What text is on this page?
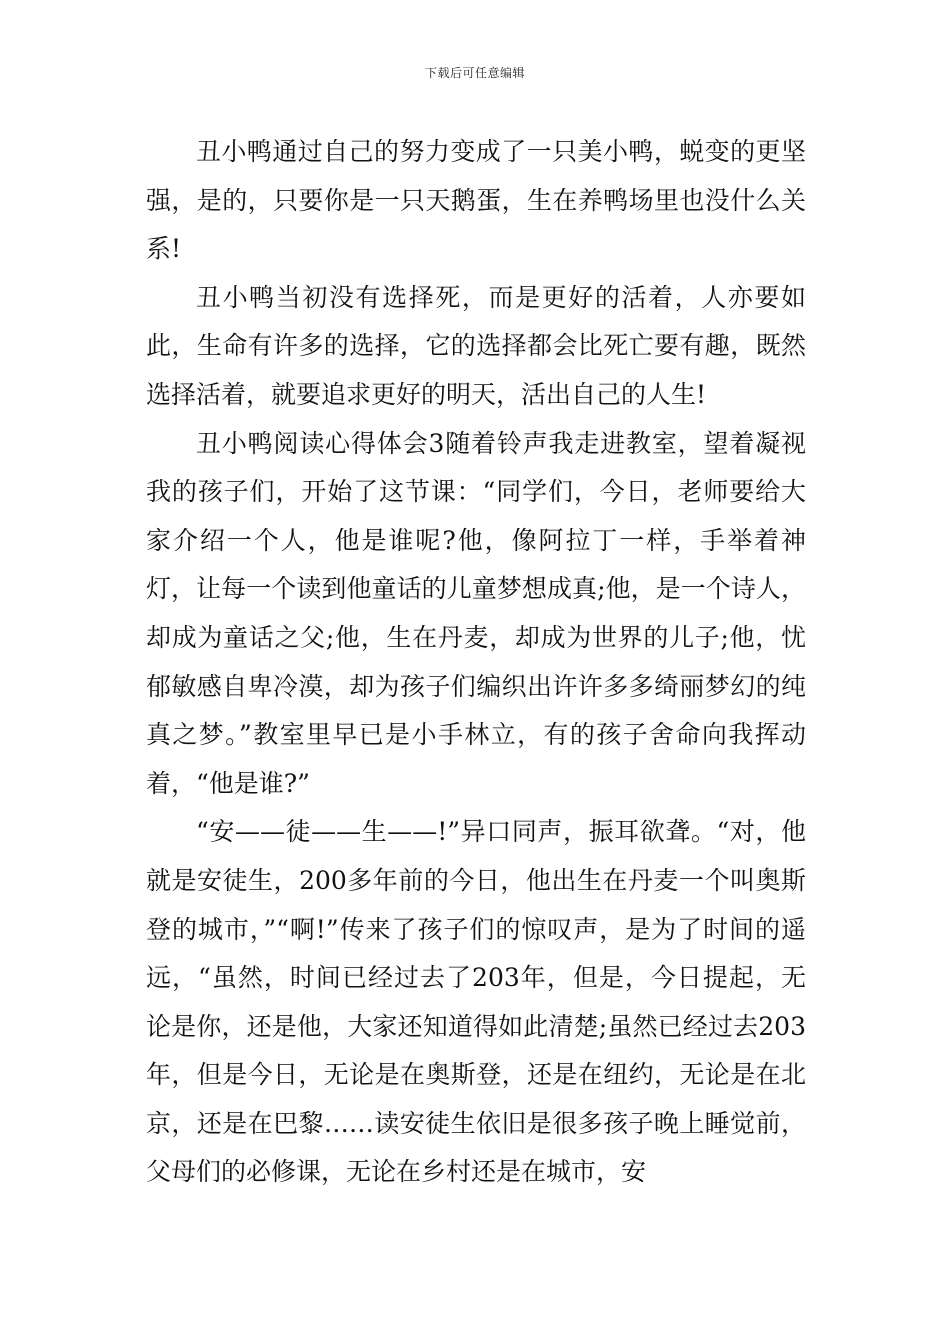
下载后可任意编辑

丑小鸭通过自己的努力变成了一只美小鸭，蜕变的更坚强，是的，只要你是一只天鹅蛋，生在养鸭场里也没什么关系!

丑小鸭当初没有选择死，而是更好的活着，人亦要如此，生命有许多的选择，它的选择都会比死亡要有趣，既然选择活着，就要追求更好的明天，活出自己的人生!

丑小鸭阅读心得体会3随着铃声我走进教室，望着凝视我的孩子们，开始了这节课：“同学们，今日，老师要给大家介绍一个人，他是谁呢?他，像阿拉丁一样，手举着神灯，让每一个读到他童话的儿童梦想成真;他，是一个诗人，却成为童话之父;他，生在丹麦，却成为世界的儿子;他，忧郁敏感自卑冷漠，却为孩子们编织出许许多多绮丽梦幻的纯真之梦。”教室里早已是小手林立，有的孩子舍命向我挥动着，“他是谁?”

“安——徒——生——!”异口同声，振耳欲聋。“对，他就是安徒生，200多年前的今日，他出生在丹麦一个叫奥斯登的城市，”“啊!”传来了孩子们的惊叹声，是为了时间的遥远，“虽然，时间已经过去了203年，但是，今日提起，无论是你，还是他，大家还知道得如此清楚;虽然已经过去203年，但是今日，无论是在奥斯登，还是在纽约，无论是在北京，还是在巴黎……读安徒生依旧是很多孩子晚上睡觉前，父母们的必修课，无论在乡村还是在城市，安
